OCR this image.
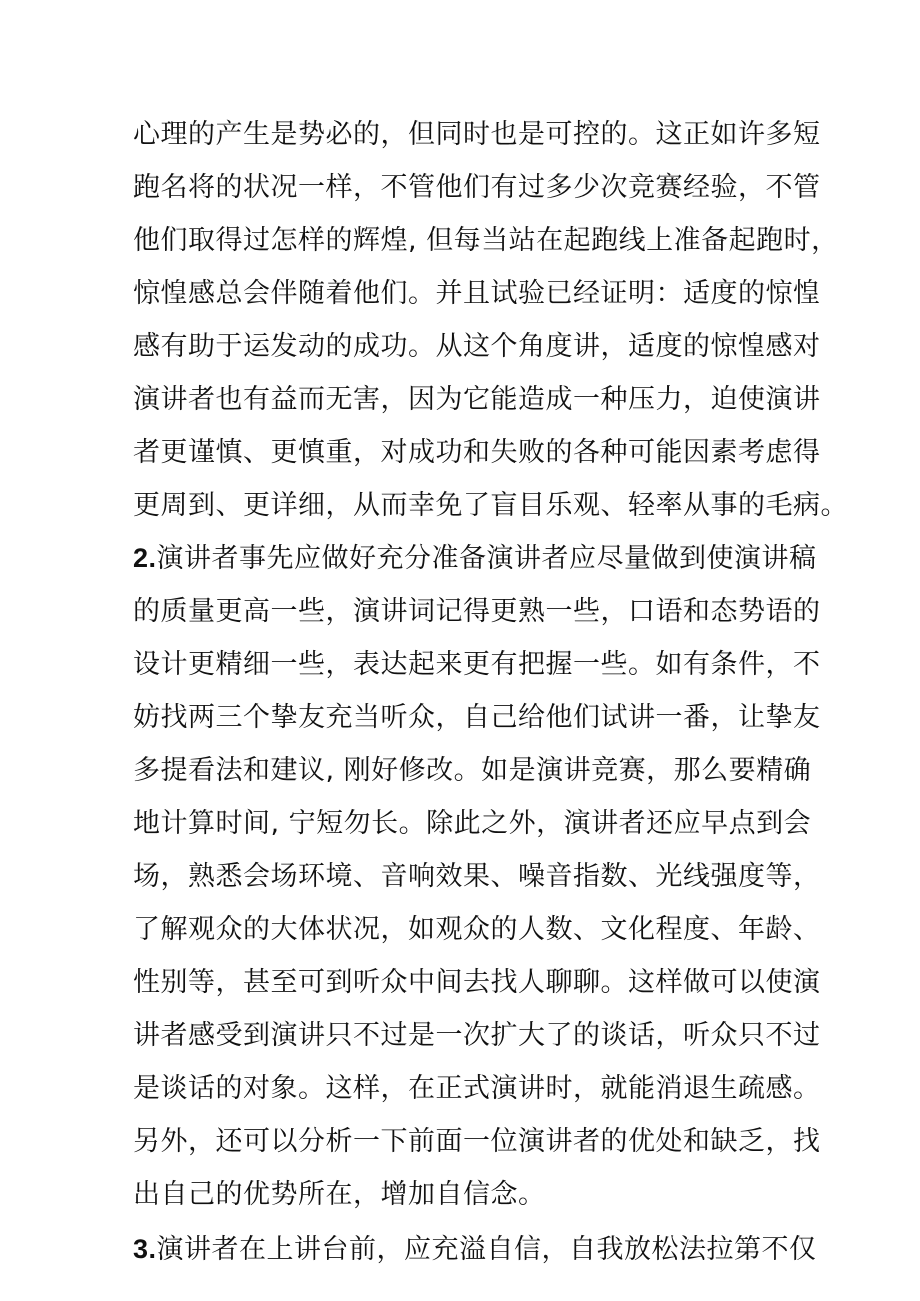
心理的产生是势必的，但同时也是可控的。这正如许多短
跑名将的状况一样，不管他们有过多少次竞赛经验，不管
他们取得过怎样的辉煌, 但每当站在起跑线上准备起跑时，
惊惶感总会伴随着他们。并且试验已经证明：适度的惊惶
感有助于运发动的成功。从这个角度讲，适度的惊惶感对
演讲者也有益而无害，因为它能造成一种压力，迫使演讲
者更谨慎、更慎重，对成功和失败的各种可能因素考虑得
更周到、更详细，从而幸免了盲目乐观、轻率从事的毛病。
2.演讲者事先应做好充分准备演讲者应尽量做到使演讲稿
的质量更高一些，演讲词记得更熟一些，口语和态势语的
设计更精细一些，表达起来更有把握一些。如有条件，不
妨找两三个挚友充当听众，自己给他们试讲一番，让挚友
多提看法和建议, 刚好修改。如是演讲竞赛，那么要精确
地计算时间, 宁短勿长。除此之外，演讲者还应早点到会
场，熟悉会场环境、音响效果、噪音指数、光线强度等，
了解观众的大体状况，如观众的人数、文化程度、年龄、
性别等，甚至可到听众中间去找人聊聊。这样做可以使演
讲者感受到演讲只不过是一次扩大了的谈话，听众只不过
是谈话的对象。这样，在正式演讲时，就能消退生疏感。
另外，还可以分析一下前面一位演讲者的优处和缺乏，找
出自己的优势所在，增加自信念。
3.演讲者在上讲台前，应充溢自信，自我放松法拉第不仅
